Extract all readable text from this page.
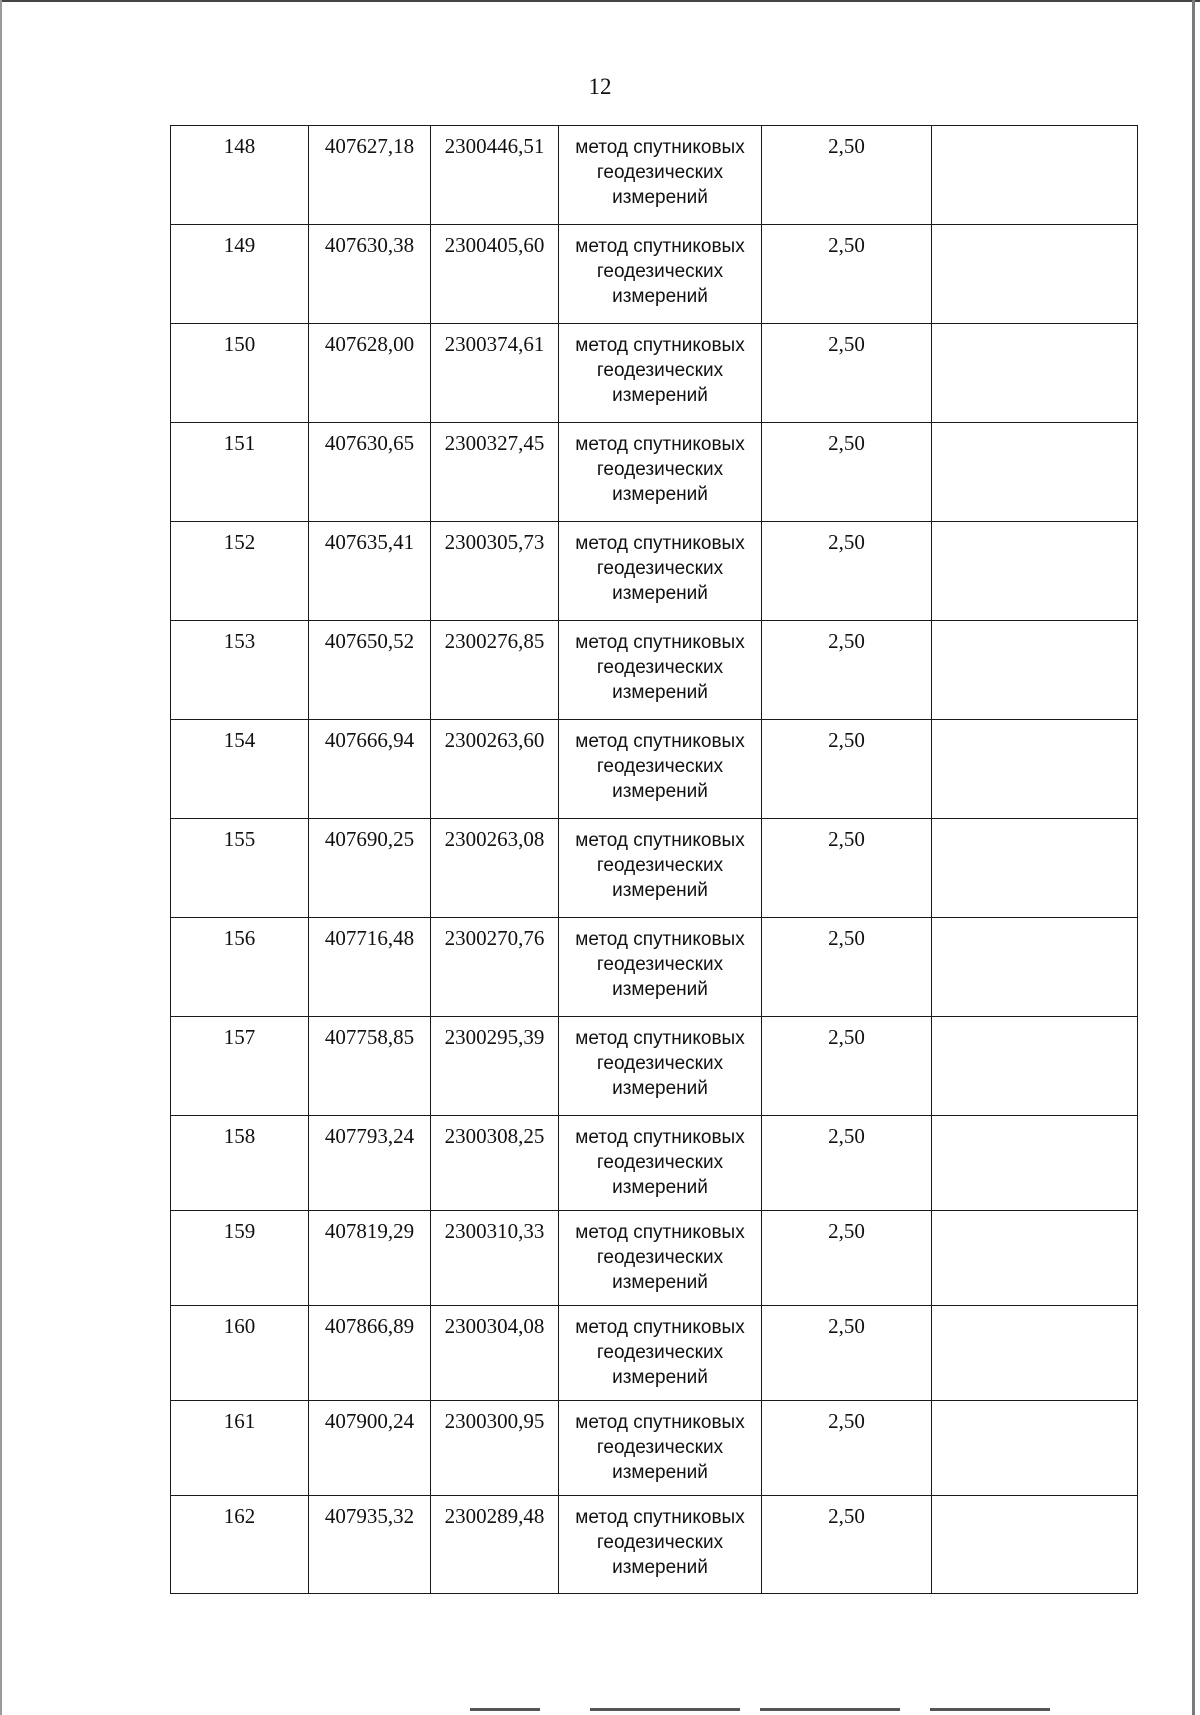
12
148	407627,18	2300446,51	метод спутниковых геодезических измерений	2,50	
149	407630,38	2300405,60	метод спутниковых геодезических измерений	2,50	
150	407628,00	2300374,61	метод спутниковых геодезических измерений	2,50	
151	407630,65	2300327,45	метод спутниковых геодезических измерений	2,50	
152	407635,41	2300305,73	метод спутниковых геодезических измерений	2,50	
153	407650,52	2300276,85	метод спутниковых геодезических измерений	2,50	
154	407666,94	2300263,60	метод спутниковых геодезических измерений	2,50	
155	407690,25	2300263,08	метод спутниковых геодезических измерений	2,50	
156	407716,48	2300270,76	метод спутниковых геодезических измерений	2,50	
157	407758,85	2300295,39	метод спутниковых геодезических измерений	2,50	
158	407793,24	2300308,25	метод спутниковых геодезических измерений	2,50	
159	407819,29	2300310,33	метод спутниковых геодезических измерений	2,50	
160	407866,89	2300304,08	метод спутниковых геодезических измерений	2,50	
161	407900,24	2300300,95	метод спутниковых геодезических измерений	2,50	
162	407935,32	2300289,48	метод спутниковых геодезических измерений	2,50	
